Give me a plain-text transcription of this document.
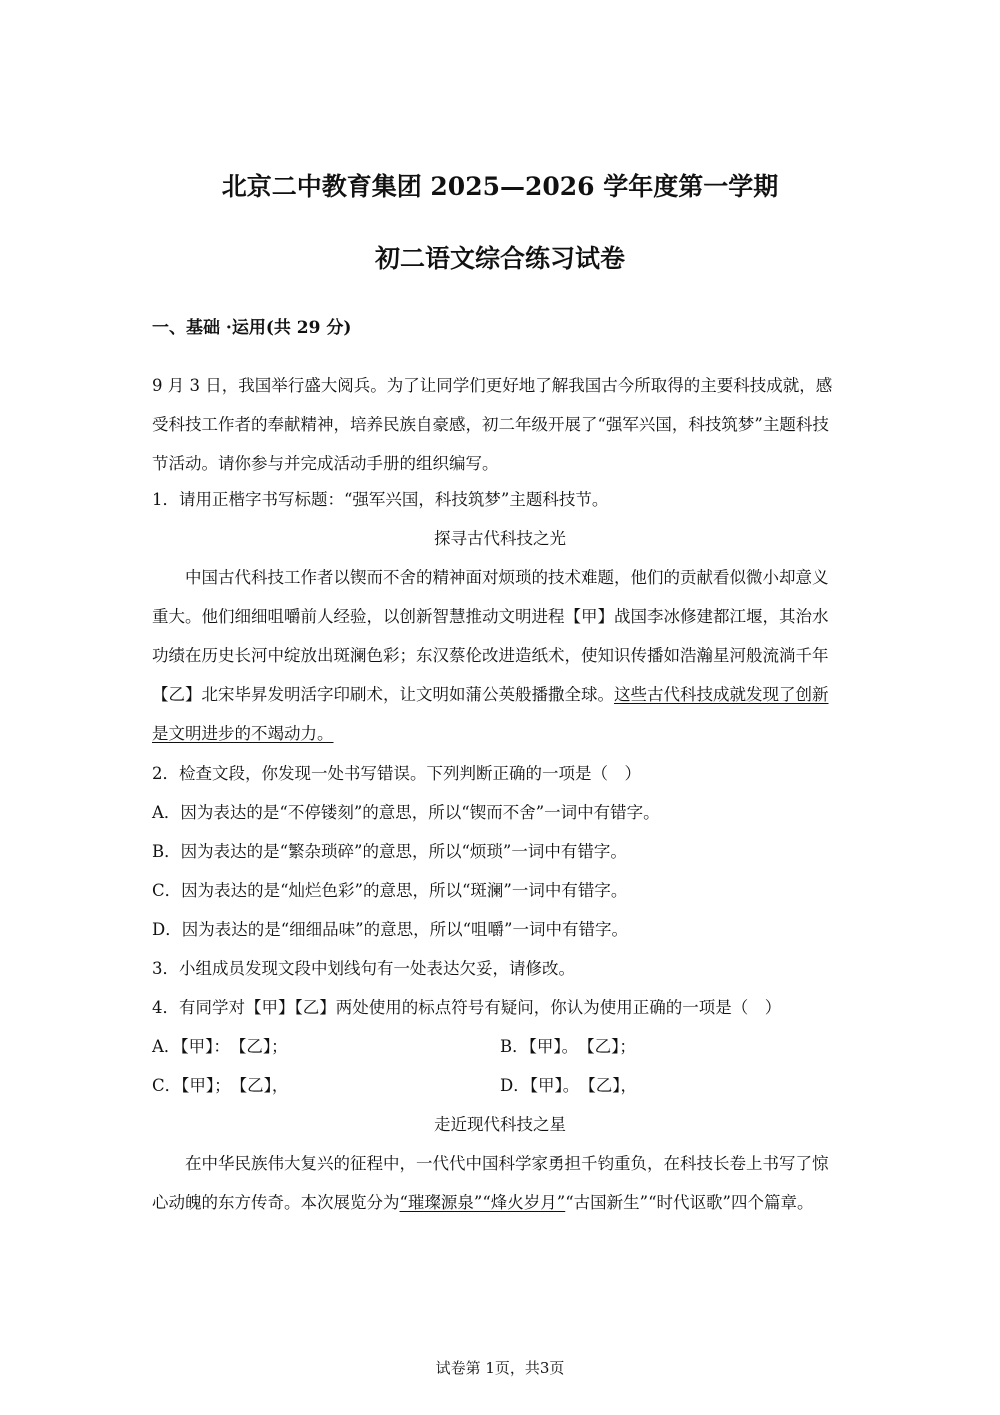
北京二中教育集团 2025—2026 学年度第一学期
初二语文综合练习试卷
一、基础 ·运用(共 29 分)
9 月 3 日，我国举行盛大阅兵。为了让同学们更好地了解我国古今所取得的主要科技成就，感受科技工作者的奉献精神，培养民族自豪感，初二年级开展了“强军兴国，科技筑梦”主题科技节活动。请你参与并完成活动手册的组织编写。
1．请用正楷字书写标题：“强军兴国，科技筑梦”主题科技节。
探寻古代科技之光
中国古代科技工作者以锲而不舍的精神面对烦琐的技术难题，他们的贡献看似微小却意义重大。他们细细咀嚼前人经验，以创新智慧推动文明进程【甲】战国李冰修建都江堰，其治水功绩在历史长河中绽放出斑澜色彩；东汉蔡伦改进造纸术，使知识传播如浩瀚星河般流淌千年【乙】北宋毕昇发明活字印刷术，让文明如蒲公英般播撒全球。这些古代科技成就发现了创新是文明进步的不竭动力。
2．检查文段，你发现一处书写错误。下列判断正确的一项是（　）
A．因为表达的是“不停镂刻”的意思，所以“锲而不舍”一词中有错字。
B．因为表达的是“繁杂琐碎”的意思，所以“烦琐”一词中有错字。
C．因为表达的是“灿烂色彩”的意思，所以“斑澜”一词中有错字。
D．因为表达的是“细细品味”的意思，所以“咀嚼”一词中有错字。
3．小组成员发现文段中划线句有一处表达欠妥，请修改。
4．有同学对【甲】【乙】两处使用的标点符号有疑问，你认为使用正确的一项是（　）
A．【甲】：　【乙】；	B．【甲】。　【乙】；
C．【甲】；　【乙】，	D．【甲】。　【乙】，
走近现代科技之星
在中华民族伟大复兴的征程中，一代代中国科学家勇担千钧重负，在科技长卷上书写了惊心动魄的东方传奇。本次展览分为“璀璨源泉”“烽火岁月”“古国新生”“时代讴歌”四个篇章。
试卷第 1页，共3页
